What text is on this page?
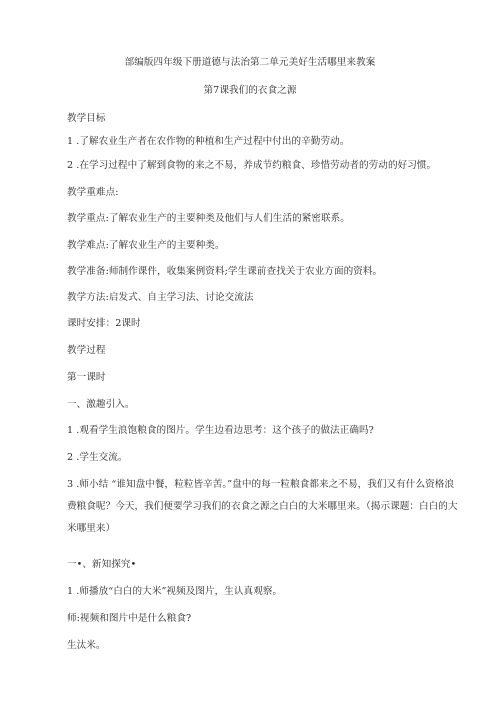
部编版四年级下册道德与法治第二单元美好生活哪里来教案
第7课我们的衣食之源
教学目标
1 .了解农业生产者在农作物的种植和生产过程中付出的辛勤劳动。
2 .在学习过程中了解到食物的来之不易，养成节约粮食、珍惜劳动者的劳动的好习惯。
教学重难点:
教学重点:了解农业生产的主要种类及他们与人们生活的紧密联系。
教学难点:了解农业生产的主要种类。
教学准备:师制作课件，收集案例资料;学生课前查找关于农业方面的资料。
教学方法:启发式、自主学习法、讨论交流法
课时安排：2课时
教学过程
第一课时
一、激趣引入。
1 .观看学生浪饱粮食的图片。学生边看边思考：这个孩子的做法正确吗?
2 .学生交流。
3 .师小结 “谁知盘中餐，粒粒皆辛苦。”盘中的每一粒粮食都来之不易，我们又有什么资格浪费粮食呢？今天，我们便要学习我们的衣食之源之白白的大米哪里来。（揭示课题：白白的大米哪里来）
一•、新知探究•
1 .师播放“白白的大米”视频及图片，生认真观察。
师:视频和图片中是什么粮食?
生汰米。
